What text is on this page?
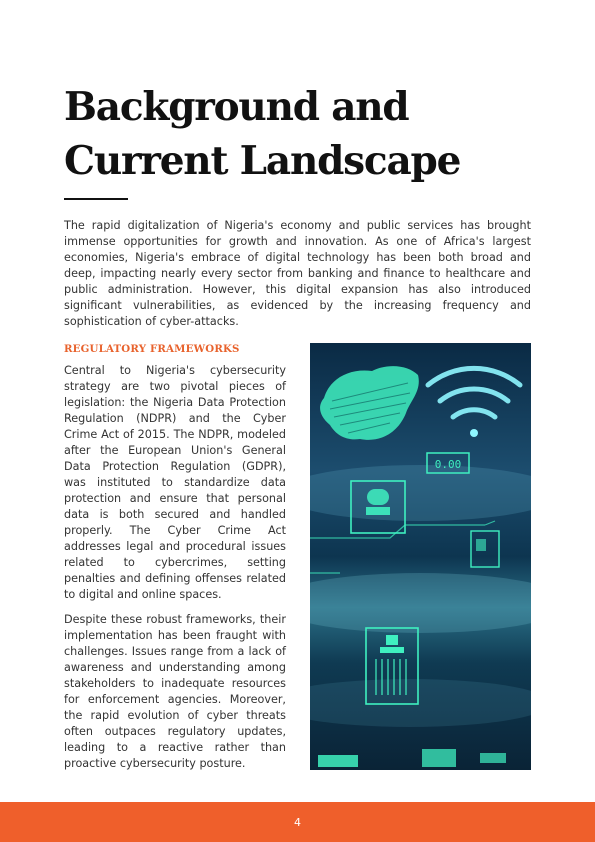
Background and Current Landscape

The rapid digitalization of Nigeria's economy and public services has brought immense opportunities for growth and innovation. As one of Africa's largest economies, Nigeria's embrace of digital technology has been both broad and deep, impacting nearly every sector from banking and finance to healthcare and public administration. However, this digital expansion has also introduced significant vulnerabilities, as evidenced by the increasing frequency and sophistication of cyber-attacks.

REGULATORY FRAMEWORKS

Central to Nigeria's cybersecurity strategy are two pivotal pieces of legislation: the Nigeria Data Protection Regulation (NDPR) and the Cyber Crime Act of 2015. The NDPR, modeled after the European Union's General Data Protection Regulation (GDPR), was instituted to standardize data protection and ensure that personal data is both secured and handled properly. The Cyber Crime Act addresses legal and procedural issues related to cybercrimes, setting penalties and defining offenses related to digital and online spaces.

Despite these robust frameworks, their implementation has been fraught with challenges. Issues range from a lack of awareness and understanding among stakeholders to inadequate resources for enforcement agencies. Moreover, the rapid evolution of cyber threats often outpaces regulatory updates, leading to a reactive rather than proactive cybersecurity posture.

0.00
4
